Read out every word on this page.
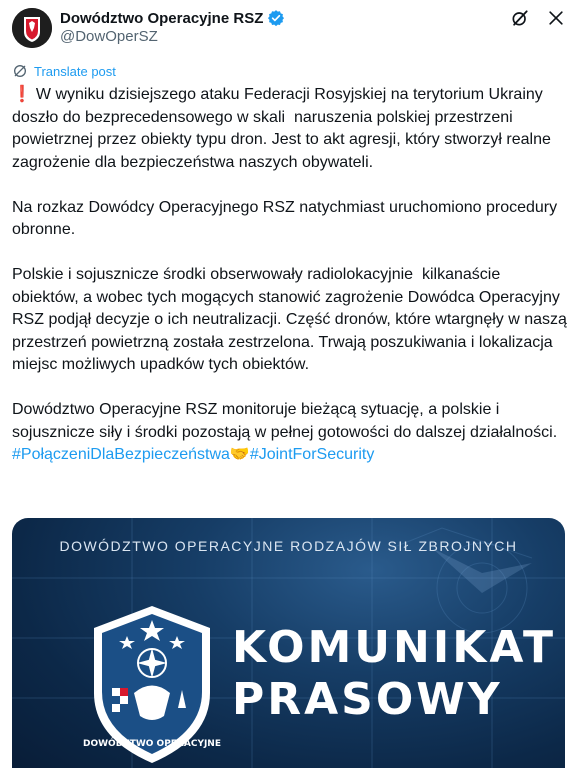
Dowództwo Operacyjne RSZ
@DowOperSZ
Translate post

❗ W wyniku dzisiejszego ataku Federacji Rosyjskiej na terytorium Ukrainy doszło do bezprecedensowego w skali  naruszenia polskiej przestrzeni powietrznej przez obiekty typu dron. Jest to akt agresji, który stworzył realne zagrożenie dla bezpieczeństwa naszych obywateli.

Na rozkaz Dowódcy Operacyjnego RSZ natychmiast uruchomiono procedury obronne.

Polskie i sojusznicze środki obserwowały radiolokacyjnie  kilkanaście obiektów, a wobec tych mogących stanowić zagrożenie Dowódca Operacyjny RSZ podjął decyzje o ich neutralizacji. Część dronów, które wtargnęły w naszą przestrzeń powietrzną została zestrzelona. Trwają poszukiwania i lokalizacja miejsc możliwych upadków tych obiektów.

Dowództwo Operacyjne RSZ monitoruje bieżącą sytuację, a polskie i sojusznicze siły i środki pozostają w pełnej gotowości do dalszej działalności.

#PołączeniDlaBezpieczeństwa🤝#JointForSecurity

DOWÓDZTWO OPERACYJNE RODZAJÓW SIŁ ZBROJNYCH
DOWÓDZTWO OPERACYJNE
KOMUNIKAT
PRASOWY
